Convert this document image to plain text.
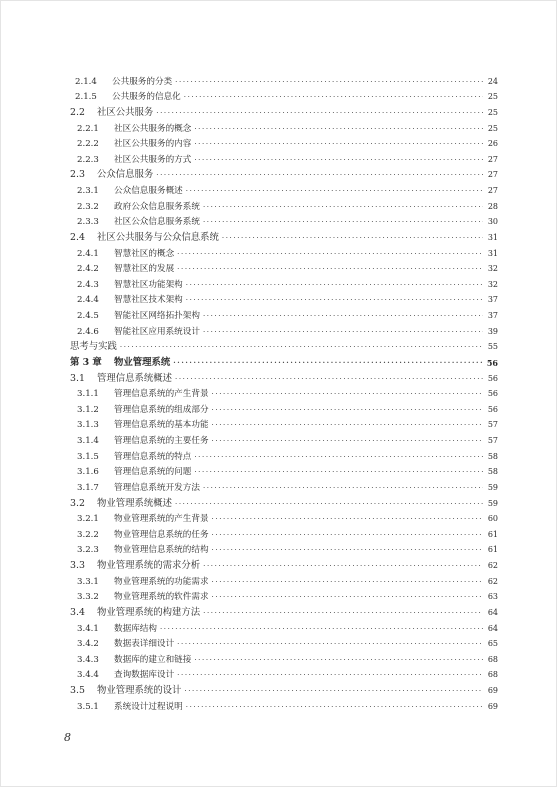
2.1.4	公共服务的分类 ·····	24
2.1.5	公共服务的信息化 ·····	25
2.2	社区公共服务 ·····	25
2.2.1	社区公共服务的概念 ·····	25
2.2.2	社区公共服务的内容 ·····	26
2.2.3	社区公共服务的方式 ·····	27
2.3	公众信息服务 ·····	27
2.3.1	公众信息服务概述 ·····	27
2.3.2	政府公众信息服务系统 ·····	28
2.3.3	社区公众信息服务系统 ·····	30
2.4	社区公共服务与公众信息系统 ·····	31
2.4.1	智慧社区的概念 ·····	31
2.4.2	智慧社区的发展 ·····	32
2.4.3	智慧社区功能架构 ·····	32
2.4.4	智慧社区技术架构 ·····	37
2.4.5	智能社区网络拓扑架构 ·····	37
2.4.6	智能社区应用系统设计 ·····	39
思考与实践 ·····	55
第 3 章	物业管理系统 ·····	56
3.1	管理信息系统概述 ·····	56
3.1.1	管理信息系统的产生背景 ·····	56
3.1.2	管理信息系统的组成部分 ·····	56
3.1.3	管理信息系统的基本功能 ·····	57
3.1.4	管理信息系统的主要任务 ·····	57
3.1.5	管理信息系统的特点 ·····	58
3.1.6	管理信息系统的问题 ·····	58
3.1.7	管理信息系统开发方法 ·····	59
3.2	物业管理系统概述 ·····	59
3.2.1	物业管理系统的产生背景 ·····	60
3.2.2	物业管理信息系统的任务 ·····	61
3.2.3	物业管理信息系统的结构 ·····	61
3.3	物业管理系统的需求分析 ·····	62
3.3.1	物业管理系统的功能需求 ·····	62
3.3.2	物业管理系统的软件需求 ·····	63
3.4	物业管理系统的构建方法 ·····	64
3.4.1	数据库结构 ·····	64
3.4.2	数据表详细设计 ·····	65
3.4.3	数据库的建立和链接 ·····	68
3.4.4	查询数据库设计 ·····	68
3.5	物业管理系统的设计 ·····	69
3.5.1	系统设计过程说明 ·····	69
8
